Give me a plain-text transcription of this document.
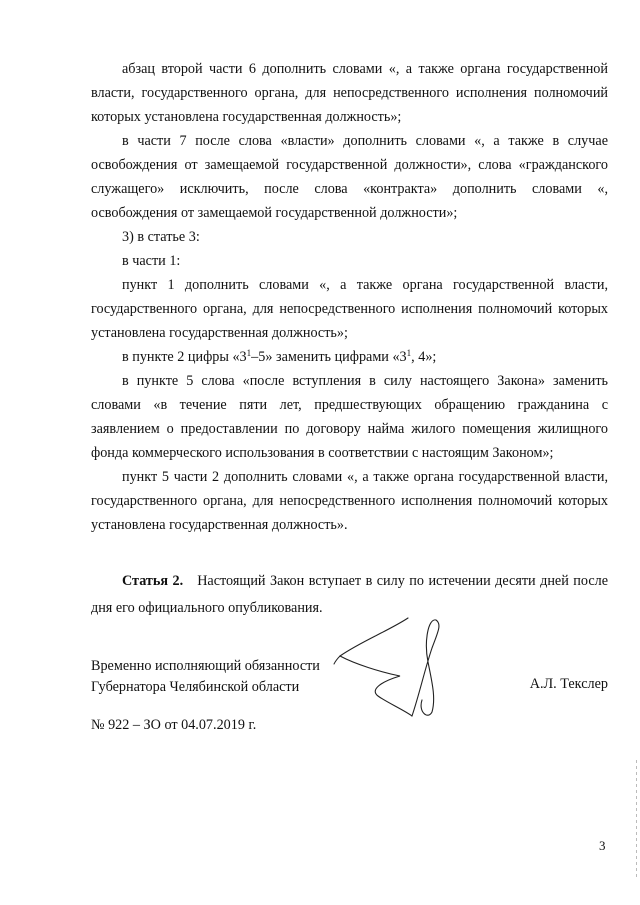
абзац второй части 6 дополнить словами «, а также органа государственной власти, государственного органа, для непосредственного исполнения полномочий которых установлена государственная должность»;

в части 7 после слова «власти» дополнить словами «, а также в случае освобождения от замещаемой государственной должности», слова «гражданского служащего» исключить, после слова «контракта» дополнить словами «, освобождения от замещаемой государственной должности»;

3) в статье 3:

в части 1:

пункт 1 дополнить словами «, а также органа государственной власти, государственного органа, для непосредственного исполнения полномочий которых установлена государственная должность»;

в пункте 2 цифры «$3^1-5$» заменить цифрами «$3^1$, 4»;

в пункте 5 слова «после вступления в силу настоящего Закона» заменить словами «в течение пяти лет, предшествующих обращению гражданина с заявлением о предоставлении по договору найма жилого помещения жилищного фонда коммерческого использования в соответствии с настоящим Законом»;

пункт 5 части 2 дополнить словами «, а также органа государственной власти, государственного органа, для непосредственного исполнения полномочий которых установлена государственная должность».

Статья 2. Настоящий Закон вступает в силу по истечении десяти дней после дня его официального опубликования.
Временно исполняющий обязанности
Губернатора Челябинской области	А.Л. Текслер
№ 922 – ЗО от 04.07.2019 г.
3
